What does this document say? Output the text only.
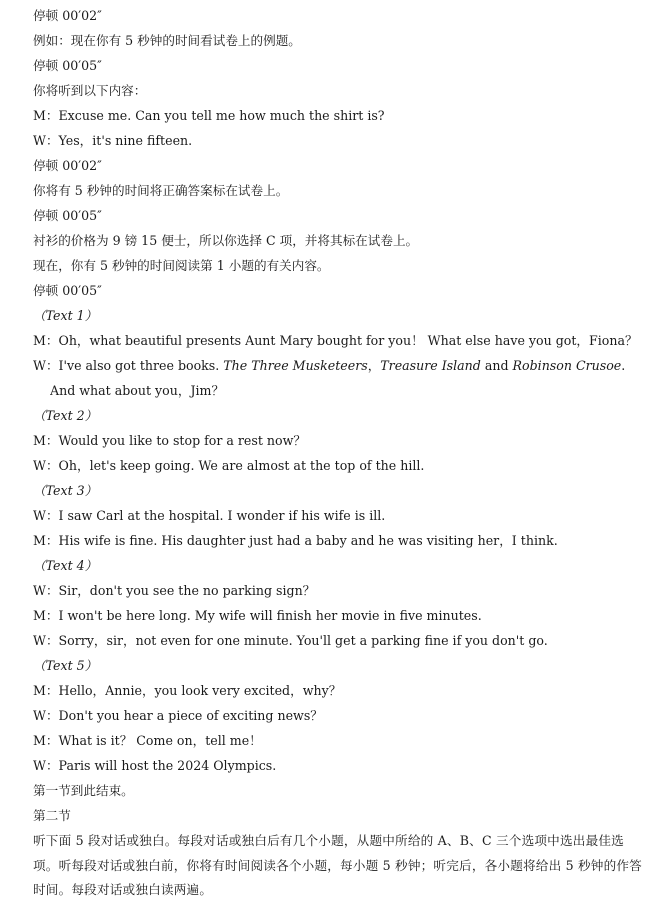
停顿 00′02″
例如：现在你有 5 秒钟的时间看试卷上的例题。
停顿 00′05″
你将听到以下内容：
M：Excuse me. Can you tell me how much the shirt is?
W：Yes，it's nine fifteen.
停顿 00′02″
你将有 5 秒钟的时间将正确答案标在试卷上。
停顿 00′05″
衬衫的价格为 9 镑 15 便士，所以你选择 C 项，并将其标在试卷上。
现在，你有 5 秒钟的时间阅读第 1 小题的有关内容。
停顿 00′05″
（Text 1）
M：Oh，what beautiful presents Aunt Mary bought for you！ What else have you got，Fiona？
W：I've also got three books. The Three Musketeers，Treasure Island and Robinson Crusoe.
And what about you，Jim？
（Text 2）
M：Would you like to stop for a rest now？
W：Oh，let's keep going. We are almost at the top of the hill.
（Text 3）
W：I saw Carl at the hospital. I wonder if his wife is ill.
M：His wife is fine. His daughter just had a baby and he was visiting her，I think.
（Text 4）
W：Sir，don't you see the no parking sign？
M：I won't be here long. My wife will finish her movie in five minutes.
W：Sorry，sir，not even for one minute. You'll get a parking fine if you don't go.
（Text 5）
M：Hello，Annie，you look very excited，why？
W：Don't you hear a piece of exciting news？
M：What is it？ Come on，tell me！
W：Paris will host the 2024 Olympics.
第一节到此结束。
第二节
听下面 5 段对话或独白。每段对话或独白后有几个小题，从题中所给的 A、B、C 三个选项中选出最佳选项。听每段对话或独白前，你将有时间阅读各个小题，每小题 5 秒钟；听完后，各小题将给出 5 秒钟的作答时间。每段对话或独白读两遍。
